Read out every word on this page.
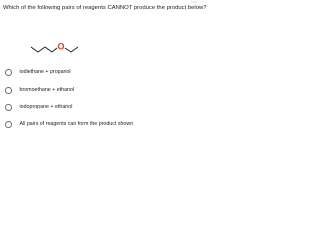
•••
Which of the following pairs of reagents CANNOT produce the product below?
O
iodiethane + propanol
bromoethane + ethanol
iodopropane + ethanol
All pairs of reagents can form the product shown
